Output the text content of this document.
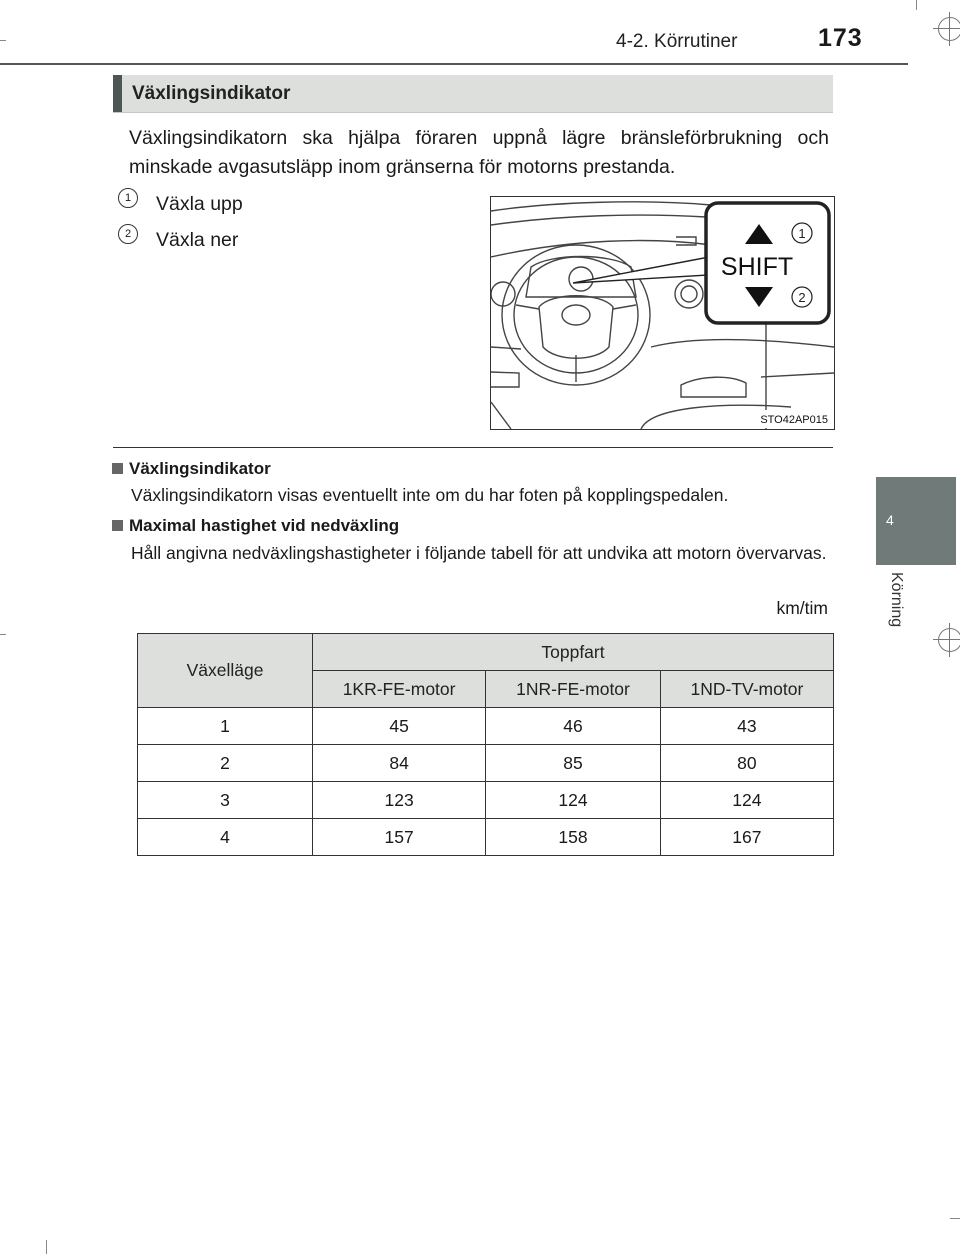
4-2. Körrutiner	173
4
Körning
Växlingsindikator
Växlingsindikatorn ska hjälpa föraren uppnå lägre bränsleförbrukning och minskade avgasutsläpp inom gränserna för motorns prestanda.
1	Växla upp
2	Växla ner
SHIFT
1
2
STO42AP015
Växlingsindikator
Växlingsindikatorn visas eventuellt inte om du har foten på kopplingspedalen.
Maximal hastighet vid nedväxling
Håll angivna nedväxlingshastigheter i följande tabell för att undvika att motorn övervarvas.
km/tim
Växelläge	Toppfart		
	1KR-FE-motor	1NR-FE-motor	1ND-TV-motor
1	45	46	43
2	84	85	80
3	123	124	124
4	157	158	167
